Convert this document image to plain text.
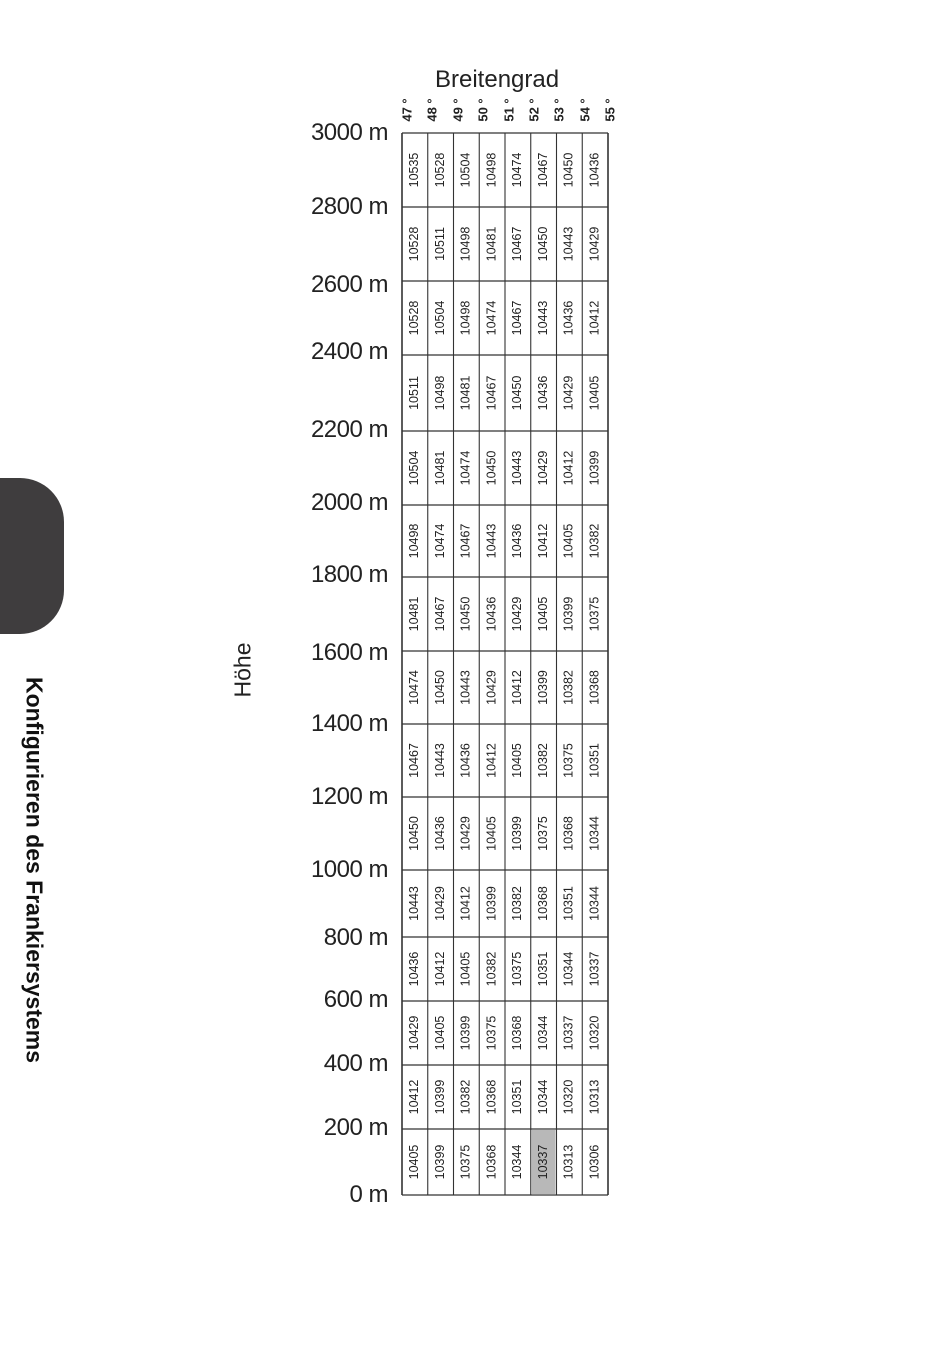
Konfigurieren des Frankiersystems
Höhe
Breitengrad
47 ° 48 ° 49 ° 50 ° 51 ° 52 ° 53 ° 54 ° 55 °
3000 m
2800 m
2600 m
2400 m
2200 m
2000 m
1800 m
1600 m
1400 m
1200 m
1000 m
800 m
600 m
400 m
200 m
0 m
10405 10399 10375 10368 10344 10337 10313 10306
10412 10399 10382 10368 10351 10344 10320 10313
10429 10405 10399 10375 10368 10344 10337 10320
10436 10412 10405 10382 10375 10351 10344 10337
10443 10429 10412 10399 10382 10368 10351 10344
10450 10436 10429 10405 10399 10375 10368 10344
10467 10443 10436 10412 10405 10382 10375 10351
10474 10450 10443 10429 10412 10399 10382 10368
10481 10467 10450 10436 10429 10405 10399 10375
10498 10474 10467 10443 10436 10412 10405 10382
10504 10481 10474 10450 10443 10429 10412 10399
10511 10498 10481 10467 10450 10436 10429 10405
10528 10504 10498 10474 10467 10443 10436 10412
10528 10511 10498 10481 10467 10450 10443 10429
10535 10528 10504 10498 10474 10467 10450 10436
